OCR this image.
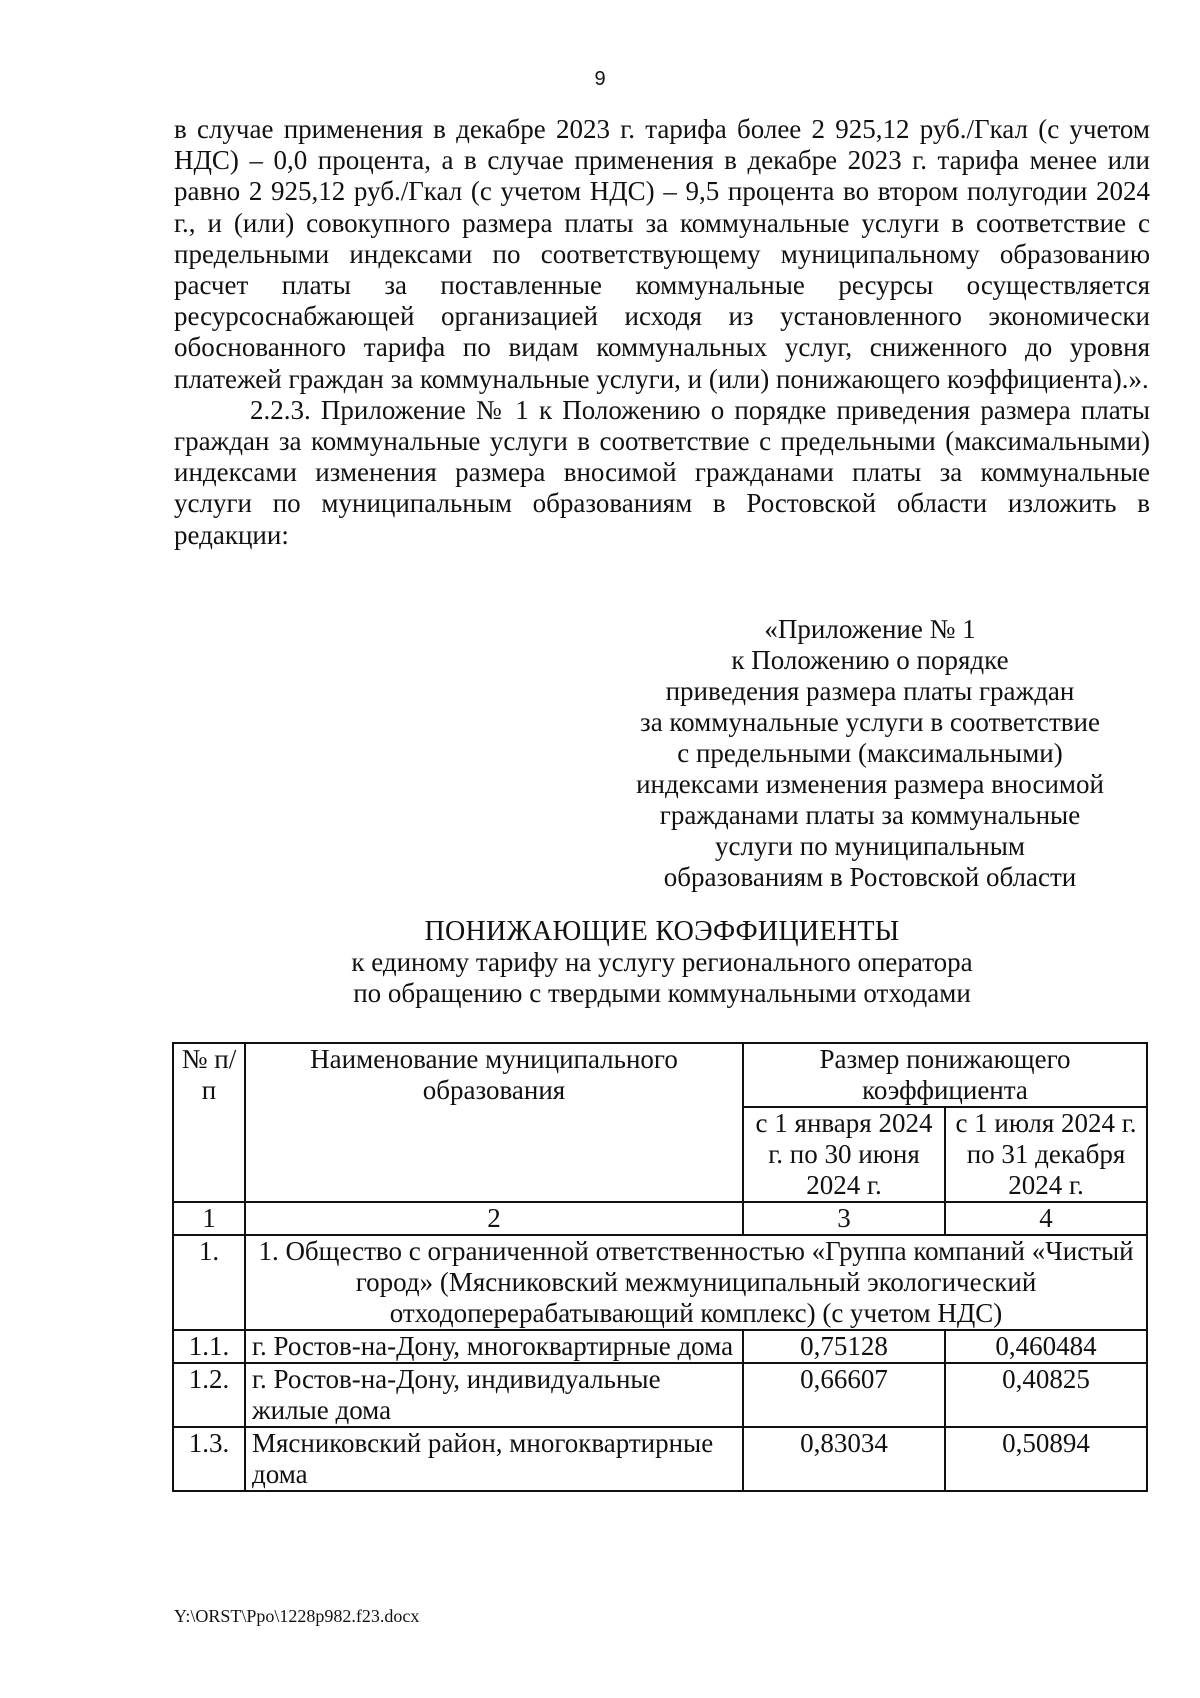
9

в случае применения в декабре 2023 г. тарифа более 2 925,12 руб./Гкал (с учетом НДС) – 0,0 процента, а в случае применения в декабре 2023 г. тарифа менее или равно 2 925,12 руб./Гкал (с учетом НДС) – 9,5 процента во втором полугодии 2024 г., и (или) совокупного размера платы за коммунальные услуги в соответствие с предельными индексами по соответствующему муниципальному образованию расчет платы за поставленные коммунальные ресурсы осуществляется ресурсоснабжающей организацией исходя из установленного экономически обоснованного тарифа по видам коммунальных услуг, сниженного до уровня платежей граждан за коммунальные услуги, и (или) понижающего коэффициента).».

2.2.3. Приложение № 1 к Положению о порядке приведения размера платы граждан за коммунальные услуги в соответствие с предельными (максимальными) индексами изменения размера вносимой гражданами платы за коммунальные услуги по муниципальным образованиям в Ростовской области изложить в редакции:

«Приложение № 1
к Положению о порядке
приведения размера платы граждан
за коммунальные услуги в соответствие
с предельными (максимальными)
индексами изменения размера вносимой
гражданами платы за коммунальные
услуги по муниципальным
образованиям в Ростовской области
ПОНИЖАЮЩИЕ КОЭФФИЦИЕНТЫ
к единому тарифу на услугу регионального оператора
по обращению с твердыми коммунальными отходами
№ п/п	Наименование муниципального образования	Размер понижающего коэффициента	
		с 1 января 2024 г. по 30 июня 2024 г.	с 1 июля 2024 г. по 31 декабря 2024 г.
1	2	3	4
1.	1. Общество с ограниченной ответственностью «Группа компаний «Чистый город» (Мясниковский межмуниципальный экологический отходоперерабатывающий комплекс) (с учетом НДС)		
1.1.	г. Ростов-на-Дону, многоквартирные дома	0,75128	0,460484
1.2.	г. Ростов-на-Дону, индивидуальные жилые дома	0,66607	0,40825
1.3.	Мясниковский район, многоквартирные дома	0,83034	0,50894
Y:\ORST\Ppo\1228p982.f23.docx
